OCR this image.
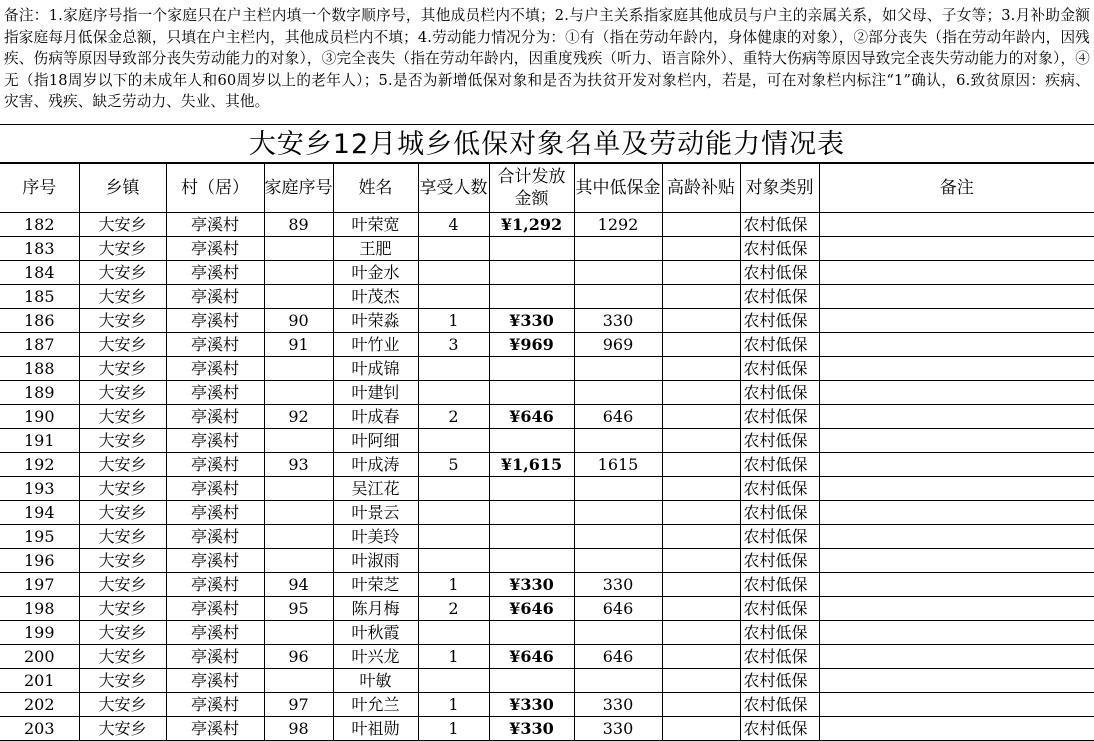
备注：1.家庭序号指一个家庭只在户主栏内填一个数字顺序号，其他成员栏内不填；2.与户主关系指家庭其他成员与户主的亲属关系，如父母、子女等；3.月补助金额指家庭每月低保金总额，只填在户主栏内，其他成员栏内不填；4.劳动能力情况分为：①有（指在劳动年龄内，身体健康的对象），②部分丧失（指在劳动年龄内，因残疾、伤病等原因导致部分丧失劳动能力的对象），③完全丧失（指在劳动年龄内，因重度残疾（听力、语言除外）、重特大伤病等原因导致完全丧失劳动能力的对象），④无（指18周岁以下的未成年人和60周岁以上的老年人）；5.是否为新增低保对象和是否为扶贫开发对象栏内，若是，可在对象栏内标注“1”确认，6.致贫原因：疾病、灾害、残疾、缺乏劳动力、失业、其他。
大安乡12月城乡低保对象名单及劳动能力情况表
序号	乡镇	村（居）	家庭序号	姓名	享受人数	合计发放金额	其中低保金	高龄补贴	对象类别	备注
182	大安乡	亭溪村	89	叶荣宽	4	¥1,292	1292		农村低保	
183	大安乡	亭溪村		王肥					农村低保	
184	大安乡	亭溪村		叶金水					农村低保	
185	大安乡	亭溪村		叶茂杰					农村低保	
186	大安乡	亭溪村	90	叶荣淼	1	¥330	330		农村低保	
187	大安乡	亭溪村	91	叶竹业	3	¥969	969		农村低保	
188	大安乡	亭溪村		叶成锦					农村低保	
189	大安乡	亭溪村		叶建钊					农村低保	
190	大安乡	亭溪村	92	叶成春	2	¥646	646		农村低保	
191	大安乡	亭溪村		叶阿细					农村低保	
192	大安乡	亭溪村	93	叶成涛	5	¥1,615	1615		农村低保	
193	大安乡	亭溪村		吴江花					农村低保	
194	大安乡	亭溪村		叶景云					农村低保	
195	大安乡	亭溪村		叶美玲					农村低保	
196	大安乡	亭溪村		叶淑雨					农村低保	
197	大安乡	亭溪村	94	叶荣芝	1	¥330	330		农村低保	
198	大安乡	亭溪村	95	陈月梅	2	¥646	646		农村低保	
199	大安乡	亭溪村		叶秋霞					农村低保	
200	大安乡	亭溪村	96	叶兴龙	1	¥646	646		农村低保	
201	大安乡	亭溪村		叶敏					农村低保	
202	大安乡	亭溪村	97	叶允兰	1	¥330	330		农村低保	
203	大安乡	亭溪村	98	叶祖勋	1	¥330	330		农村低保	
